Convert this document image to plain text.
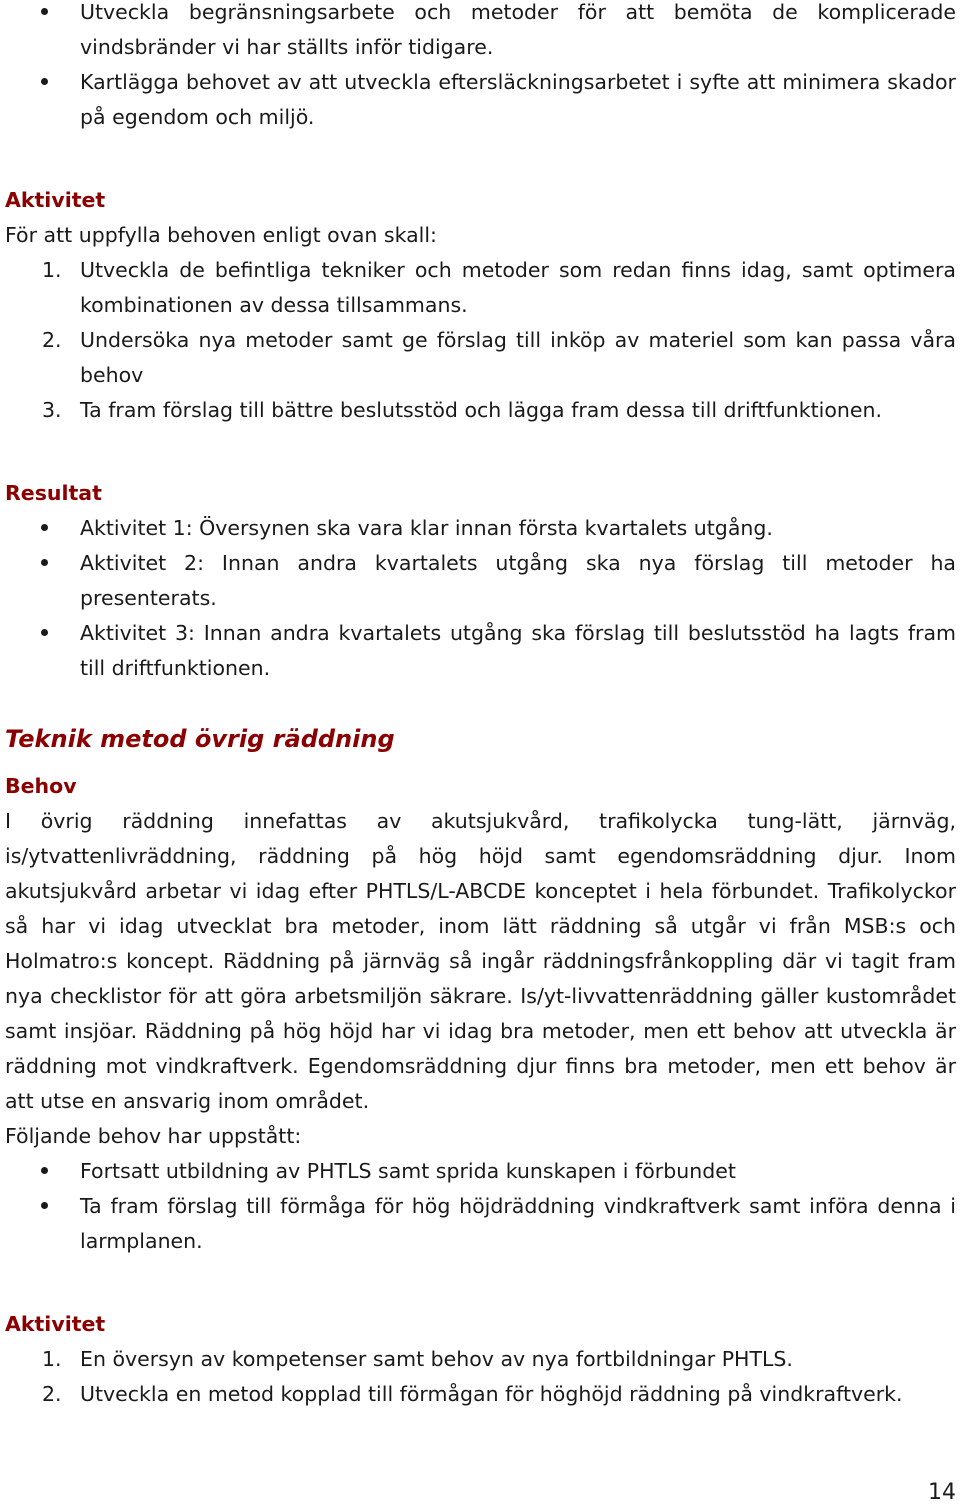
Utveckla begränsningsarbete och metoder för att bemöta de komplicerade vindsbränder vi har ställts inför tidigare.
Kartlägga behovet av att utveckla eftersläckningsarbetet i syfte att minimera skador på egendom och miljö.

Aktivitet

För att uppfylla behoven enligt ovan skall:

1. Utveckla de befintliga tekniker och metoder som redan finns idag, samt optimera kombinationen av dessa tillsammans.
2. Undersöka nya metoder samt ge förslag till inköp av materiel som kan passa våra behov
3. Ta fram förslag till bättre beslutsstöd och lägga fram dessa till driftfunktionen.

Resultat

Aktivitet 1: Översynen ska vara klar innan första kvartalets utgång.
Aktivitet 2: Innan andra kvartalets utgång ska nya förslag till metoder ha presenterats.
Aktivitet 3: Innan andra kvartalets utgång ska förslag till beslutsstöd ha lagts fram till driftfunktionen.

Teknik metod övrig räddning

Behov

I övrig räddning innefattas av akutsjukvård, trafikolycka tung-lätt, järnväg, is/ytvattenlivräddning, räddning på hög höjd samt egendomsräddning djur. Inom akutsjukvård arbetar vi idag efter PHTLS/L-ABCDE konceptet i hela förbundet. Trafikolyckor så har vi idag utvecklat bra metoder, inom lätt räddning så utgår vi från MSB:s och Holmatro:s koncept. Räddning på järnväg så ingår räddningsfrånkoppling där vi tagit fram nya checklistor för att göra arbetsmiljön säkrare. Is/yt-livvattenräddning gäller kustområdet samt insjöar. Räddning på hög höjd har vi idag bra metoder, men ett behov att utveckla är räddning mot vindkraftverk. Egendomsräddning djur finns bra metoder, men ett behov är att utse en ansvarig inom området.

Följande behov har uppstått:

Fortsatt utbildning av PHTLS samt sprida kunskapen i förbundet
Ta fram förslag till förmåga för hög höjdräddning vindkraftverk samt införa denna i larmplanen.

Aktivitet

1. En översyn av kompetenser samt behov av nya fortbildningar PHTLS.
2. Utveckla en metod kopplad till förmågan för höghöjd räddning på vindkraftverk.
14
